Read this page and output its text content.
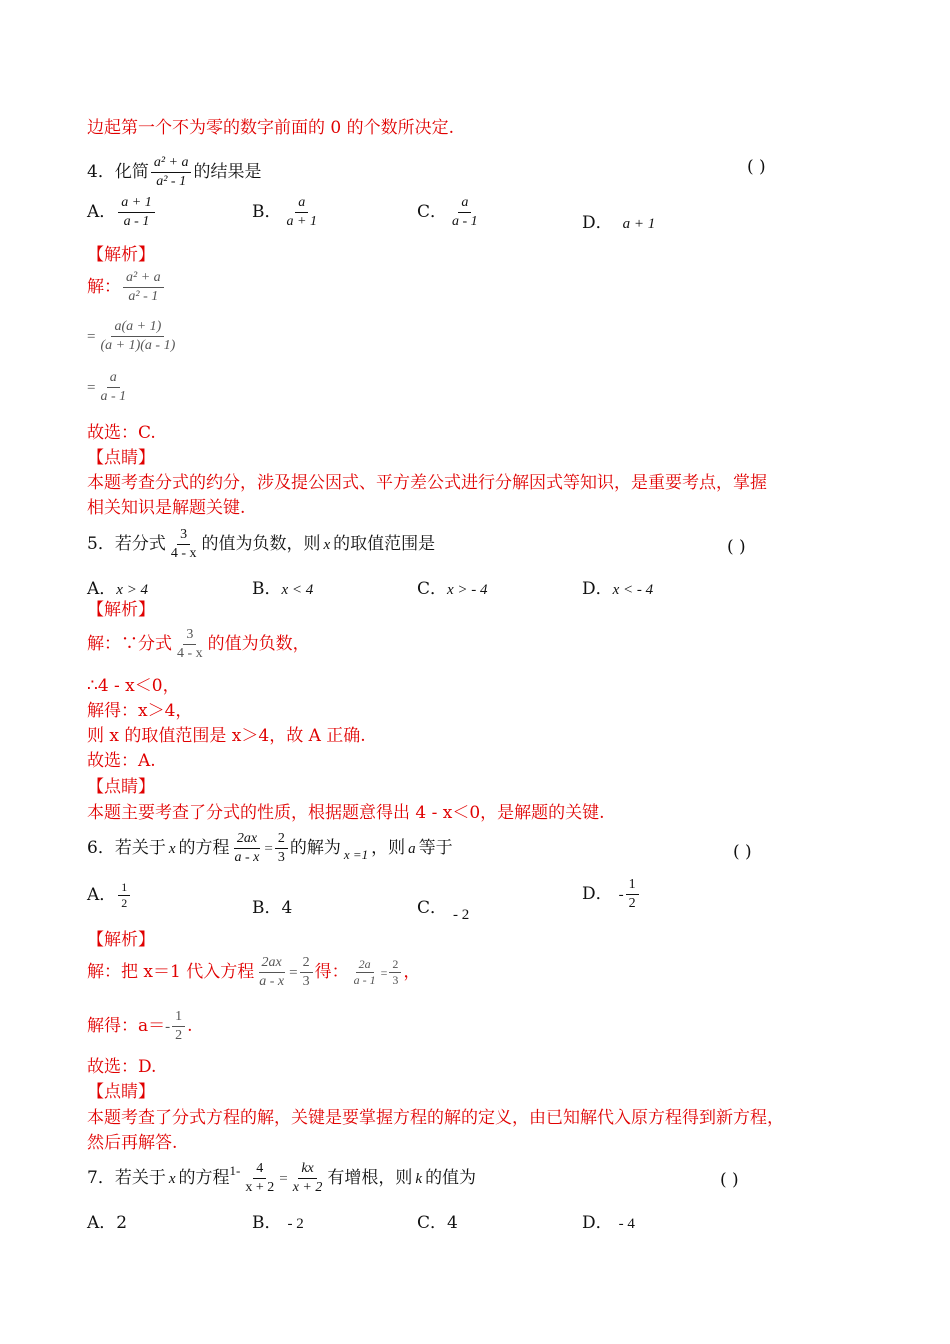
边起第一个不为零的数字前面的 0 的个数所决定.
4．化简 $\frac{\text{a² + a}}{\text{a² - 1}}$ 的结果是	( )
A． $\frac{a + 1}{a - 1}$	B． $\frac{a}{a + 1}$	C． $\frac{a}{a - 1}$	D． a + 1
【解析】
解： $\frac{\text{a² + a}}{\text{a² - 1}}$
= $\frac{a(a + 1)}{(a + 1)(a - 1)}$
= $\frac{a}{a - 1}$
故选：C.
【点睛】
本题考查分式的约分，涉及提公因式、平方差公式进行分解因式等知识，是重要考点，掌握
相关知识是解题关键.
5．若分式 $\frac{3}{4 - x}$ 的值为负数，则 x 的取值范围是	( )
A．x > 4	B．x < 4	C．x > - 4	D．x < - 4
【解析】
解：∵分式 $\frac{3}{4 - x}$ 的值为负数，
∴4 - x＜0，
解得：x＞4，
则 x 的取值范围是 x＞4，故 A 正确.
故选：A.
【点睛】
本题主要考查了分式的性质，根据题意得出 4 - x＜0，是解题的关键.
6．若关于 x 的方程 $\frac{2ax}{a - x} = \frac{2}{3}$ 的解为 $_{x =1}$ ，则 a 等于	( )
A． $\frac{1}{2}$	B．4	C． - 2
D． - $\frac{1}{2}$
【解析】
解：把 x＝1 代入方程 $\frac{2ax}{a - x} = \frac{2}{3}$ 得： $\frac{2a}{a - 1} = \frac{2}{3}$ ，
解得：$a=- \frac{1}{2}$ .
故选：D.
【点睛】
本题考查了分式方程的解，关键是要掌握方程的解的定义，由已知解代入原方程得到新方程，
然后再解答.
7．若关于 x 的方程$^{1-} \frac{4}{x + 2} = \frac{kx}{x + 2}$ 有增根，则 k 的值为	( )
A．2	B． - 2	C．4	D． - 4
